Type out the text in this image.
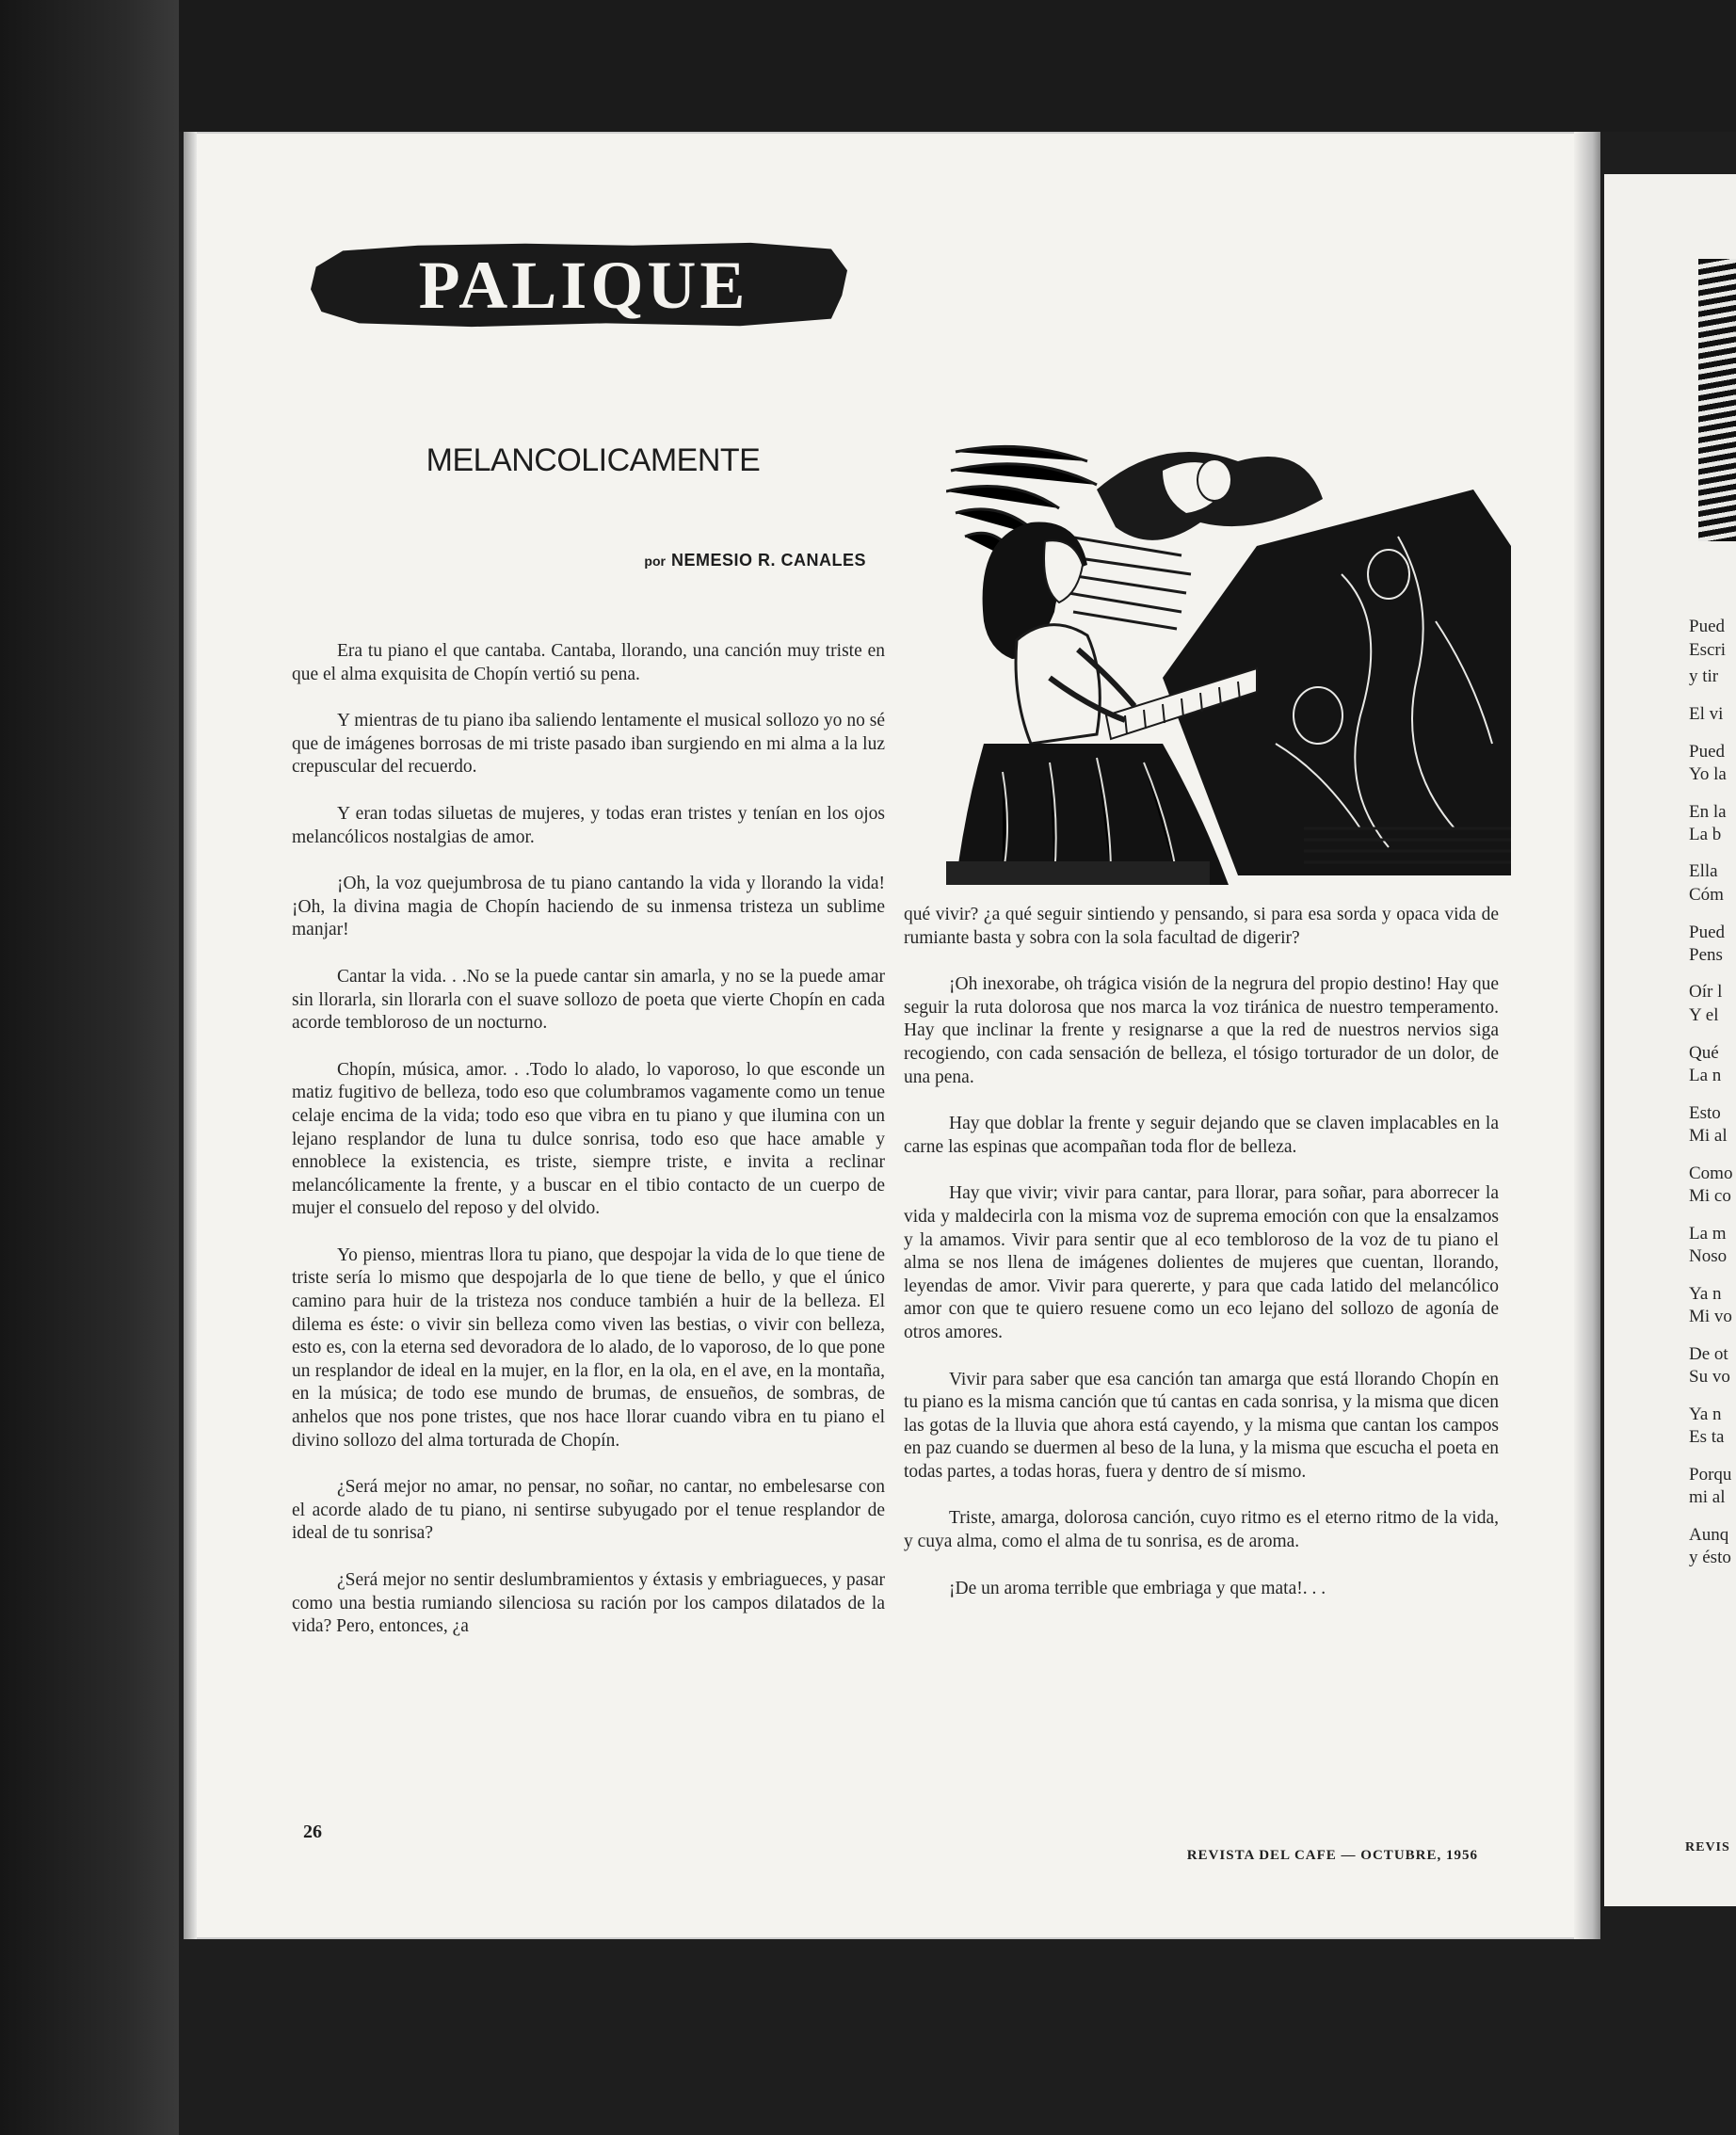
Pued
Escri
y tir
El vi
Pued
Yo la
En la
La b
Ella
Cóm
Pued
Pens
Oír l
Y el
Qué
La n
Esto
Mi al
Como
Mi co
La m
Noso
Ya n
Mi vo
De ot
Su vo
Ya n
Es ta
Porqu
mi al
Aunq
y ésto
REVIS
PALIQUE
MELANCOLICAMENTE
por NEMESIO R. CANALES

Era tu piano el que cantaba. Cantaba, llorando, una canción muy triste en que el alma exquisita de Chopín vertió su pena.

Y mientras de tu piano iba saliendo lentamente el musical sollozo yo no sé que de imágenes borrosas de mi triste pasado iban surgiendo en mi alma a la luz crepuscular del recuerdo.

Y eran todas siluetas de mujeres, y todas eran tristes y tenían en los ojos melancólicos nostalgias de amor.

¡Oh, la voz quejumbrosa de tu piano cantando la vida y llorando la vida! ¡Oh, la divina magia de Chopín haciendo de su inmensa tristeza un sublime manjar!

Cantar la vida. . .No se la puede cantar sin amarla, y no se la puede amar sin llorarla, sin llorarla con el suave sollozo de poeta que vierte Chopín en cada acorde tembloroso de un nocturno.

Chopín, música, amor. . .Todo lo alado, lo vaporoso, lo que esconde un matiz fugitivo de belleza, todo eso que columbramos vagamente como un tenue celaje encima de la vida; todo eso que vibra en tu piano y que ilumina con un lejano resplandor de luna tu dulce sonrisa, todo eso que hace amable y ennoblece la existencia, es triste, siempre triste, e invita a reclinar melancólicamente la frente, y a buscar en el tibio contacto de un cuerpo de mujer el consuelo del reposo y del olvido.

Yo pienso, mientras llora tu piano, que despojar la vida de lo que tiene de triste sería lo mismo que despojarla de lo que tiene de bello, y que el único camino para huir de la tristeza nos conduce también a huir de la belleza. El dilema es éste: o vivir sin belleza como viven las bestias, o vivir con belleza, esto es, con la eterna sed devoradora de lo alado, de lo vaporoso, de lo que pone un resplandor de ideal en la mujer, en la flor, en la ola, en el ave, en la montaña, en la música; de todo ese mundo de brumas, de ensueños, de sombras, de anhelos que nos pone tristes, que nos hace llorar cuando vibra en tu piano el divino sollozo del alma torturada de Chopín.

¿Será mejor no amar, no pensar, no soñar, no cantar, no embelesarse con el acorde alado de tu piano, ni sentirse subyugado por el tenue resplandor de ideal de tu sonrisa?

¿Será mejor no sentir deslumbramientos y éxtasis y embriagueces, y pasar como una bestia rumiando silenciosa su ración por los campos dilatados de la vida? Pero, entonces, ¿a

qué vivir? ¿a qué seguir sintiendo y pensando, si para esa sorda y opaca vida de rumiante basta y sobra con la sola facultad de digerir?

¡Oh inexorabe, oh trágica visión de la negrura del propio destino! Hay que seguir la ruta dolorosa que nos marca la voz tiránica de nuestro temperamento. Hay que inclinar la frente y resignarse a que la red de nuestros nervios siga recogiendo, con cada sensación de belleza, el tósigo torturador de un dolor, de una pena.

Hay que doblar la frente y seguir dejando que se claven implacables en la carne las espinas que acompañan toda flor de belleza.

Hay que vivir; vivir para cantar, para llorar, para soñar, para aborrecer la vida y maldecirla con la misma voz de suprema emoción con que la ensalzamos y la amamos. Vivir para sentir que al eco tembloroso de la voz de tu piano el alma se nos llena de imágenes dolientes de mujeres que cuentan, llorando, leyendas de amor. Vivir para quererte, y para que cada latido del melancólico amor con que te quiero resuene como un eco lejano del sollozo de agonía de otros amores.

Vivir para saber que esa canción tan amarga que está llorando Chopín en tu piano es la misma canción que tú cantas en cada sonrisa, y la misma que dicen las gotas de la lluvia que ahora está cayendo, y la misma que cantan los campos en paz cuando se duermen al beso de la luna, y la misma que escucha el poeta en todas partes, a todas horas, fuera y dentro de sí mismo.

Triste, amarga, dolorosa canción, cuyo ritmo es el eterno ritmo de la vida, y cuya alma, como el alma de tu sonrisa, es de aroma.

¡De un aroma terrible que embriaga y que mata!. . .

26
REVISTA DEL CAFE — OCTUBRE, 1956
